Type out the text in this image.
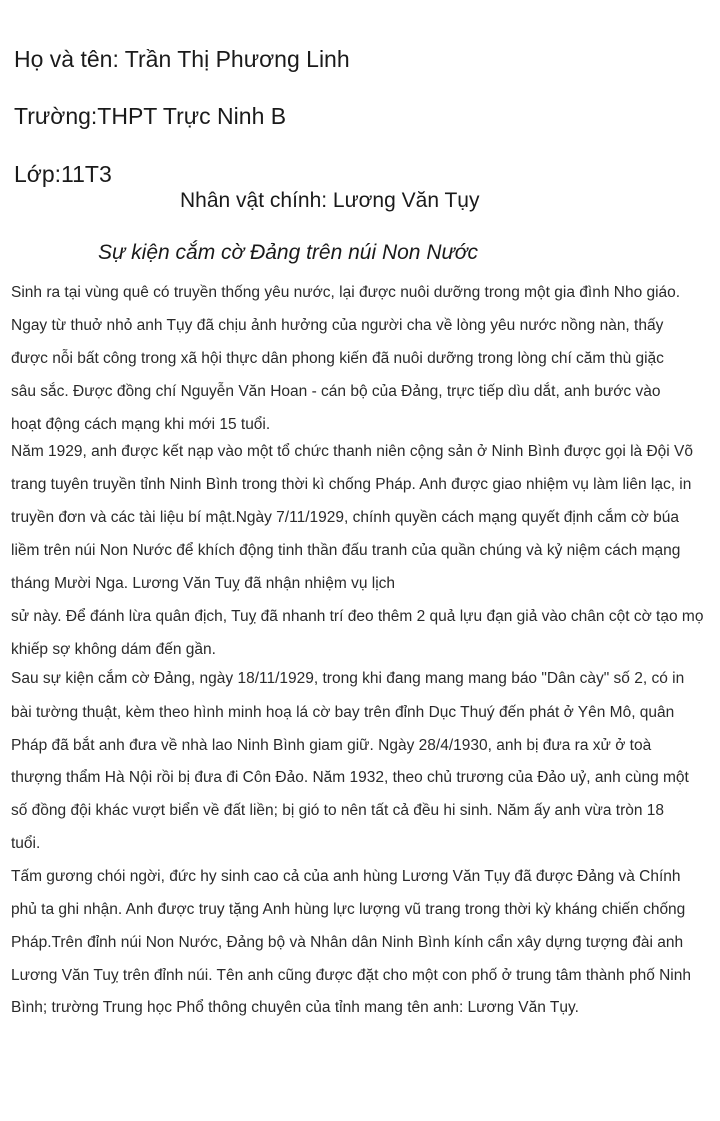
Họ và tên: Trần Thị Phương Linh
Trường:THPT Trực Ninh B
Lớp:11T3
Nhân vật chính: Lương Văn Tụy
Sự kiện cắm cờ Đảng trên núi Non Nước
Sinh ra tại vùng quê có truyền thống yêu nước, lại được nuôi dưỡng trong một gia đình Nho giáo.
Ngay từ thuở nhỏ anh Tụy đã chịu ảnh hưởng của người cha về lòng yêu nước nồng nàn, thấy
được nỗi bất công trong xã hội thực dân phong kiến đã nuôi dưỡng trong lòng chí căm thù giặc
sâu sắc. Được đồng chí Nguyễn Văn Hoan - cán bộ của Đảng, trực tiếp dìu dắt, anh bước vào
hoạt động cách mạng khi mới 15 tuổi.
Năm 1929, anh được kết nạp vào một tổ chức thanh niên cộng sản ở Ninh Bình được gọi là Đội Võ
trang tuyên truyền tỉnh Ninh Bình trong thời kì chống Pháp. Anh được giao nhiệm vụ làm liên lạc, in
truyền đơn và các tài liệu bí mật.Ngày 7/11/1929, chính quyền cách mạng quyết định cắm cờ búa
liềm trên núi Non Nước để khích động tinh thần đấu tranh của quần chúng và kỷ niệm cách mạng
tháng Mười Nga. Lương Văn Tuỵ đã nhận nhiệm vụ lịch
sử này. Để đánh lừa quân địch, Tuỵ đã nhanh trí đeo thêm 2 quả lựu đạn giả vào chân cột cờ tạo mọ
khiếp sợ không dám đến gần.
Sau sự kiện cắm cờ Đảng, ngày 18/11/1929, trong khi đang mang mang báo "Dân cày" số 2, có in
bài tường thuật, kèm theo hình minh hoạ lá cờ bay trên đỉnh Dục Thuý đến phát ở Yên Mô, quân
Pháp đã bắt anh đưa về nhà lao Ninh Bình giam giữ. Ngày 28/4/1930, anh bị đưa ra xử ở toà
thượng thẩm Hà Nội rồi bị đưa đi Côn Đảo. Năm 1932, theo chủ trương của Đảo uỷ, anh cùng một
số đồng đội khác vượt biển về đất liền; bị gió to nên tất cả đều hi sinh. Năm ấy anh vừa tròn 18
tuổi.
Tấm gương chói ngời, đức hy sinh cao cả của anh hùng Lương Văn Tụy đã được Đảng và Chính
phủ ta ghi nhận. Anh được truy tặng Anh hùng lực lượng vũ trang trong thời kỳ kháng chiến chống
Pháp.Trên đỉnh núi Non Nước, Đảng bộ và Nhân dân Ninh Bình kính cẩn xây dựng tượng đài anh
Lương Văn Tuỵ trên đỉnh núi. Tên anh cũng được đặt cho một con phố ở trung tâm thành phố Ninh
Bình; trường Trung học Phổ thông chuyên của tỉnh mang tên anh: Lương Văn Tụy.
